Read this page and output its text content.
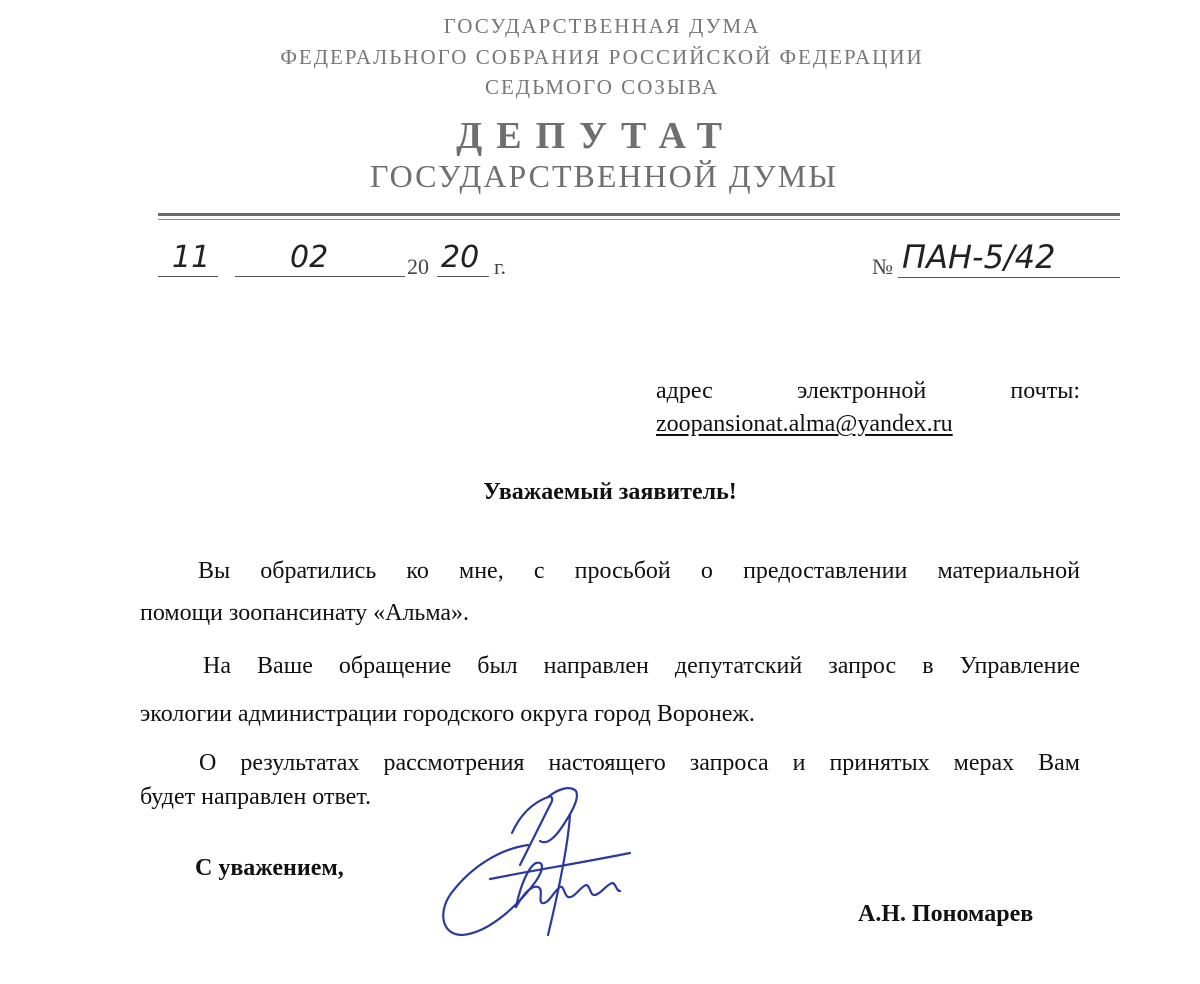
ГОСУДАРСТВЕННАЯ ДУМА
ФЕДЕРАЛЬНОГО СОБРАНИЯ РОССИЙСКОЙ ФЕДЕРАЦИИ
СЕДЬМОГО СОЗЫВА
ДЕПУТАТ
ГОСУДАРСТВЕННОЙ ДУМЫ
11	02	20 20 г.	№ ПАН-5/42
адрес электронной почты:
zoopansionat.alma@yandex.ru
Уважаемый заявитель!
Вы обратились ко мне, с просьбой о предоставлении материальной
помощи зоопансинату «Альма».
На Ваше обращение был направлен депутатский запрос в Управление
экологии администрации городского округа город Воронеж.
О результатах рассмотрения настоящего запроса и принятых мерах Вам
будет направлен ответ.
С уважением,
А.Н. Пономарев
